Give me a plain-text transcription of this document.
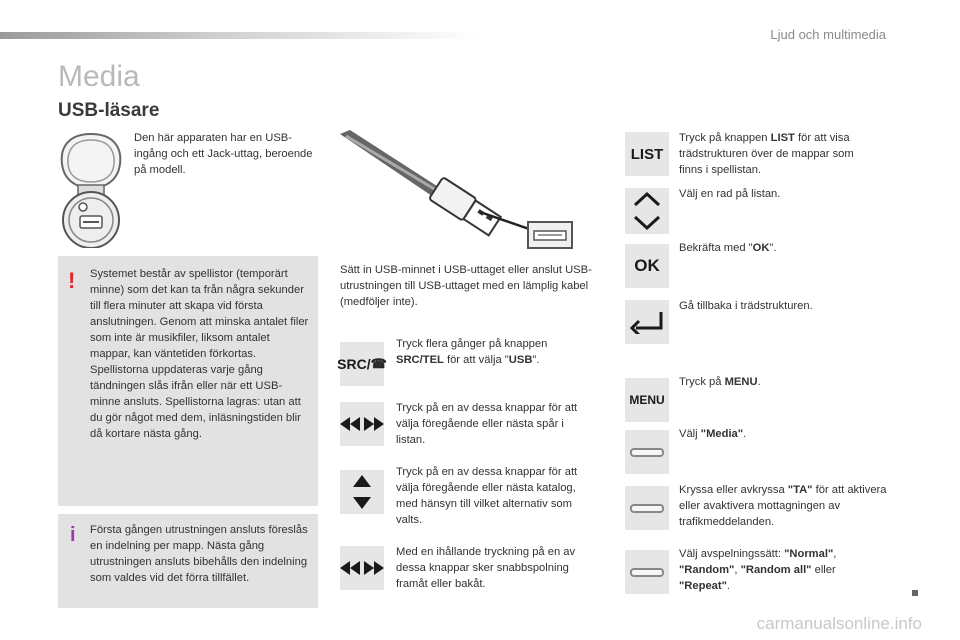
Ljud och multimedia
Media
USB-läsare

Den här apparaten har en USB-ingång och ett Jack-uttag, beroende på modell.

! Systemet består av spellistor (temporärt minne) som det kan ta från några sekunder till flera minuter att skapa vid första anslutningen. Genom att minska antalet filer som inte är musikfiler, liksom antalet mappar, kan väntetiden förkortas. Spellistorna uppdateras varje gång tändningen slås ifrån eller när ett USB-minne ansluts. Spellistorna lagras: utan att du gör något med dem, inläsningstiden blir då kortare nästa gång.

i Första gången utrustningen ansluts föreslås en indelning per mapp. Nästa gång utrustningen ansluts bibehålls den indelning som valdes vid det förra tillfället.

Sätt in USB-minnet i USB-uttaget eller anslut USB-utrustningen till USB-uttaget med en lämplig kabel (medföljer inte).

SRC/ ☎

Tryck flera gånger på knappen SRC/TEL för att välja "USB".

Tryck på en av dessa knappar för att välja föregående eller nästa spår i listan.

Tryck på en av dessa knappar för att välja föregående eller nästa katalog, med hänsyn till vilket alternativ som valts.

Med en ihållande tryckning på en av dessa knappar sker snabbspolning framåt eller bakåt.

LIST

Tryck på knappen LIST för att visa trädstrukturen över de mappar som finns i spellistan.

Välj en rad på listan.

OK

Bekräfta med "OK".

Gå tillbaka i trädstrukturen.

MENU

Tryck på MENU.

Välj "Media".

Kryssa eller avkryssa "TA" för att aktivera eller avaktivera mottagningen av trafikmeddelanden.

Välj avspelningssätt: "Normal", "Random", "Random all" eller "Repeat".

carmanualsonline.info
